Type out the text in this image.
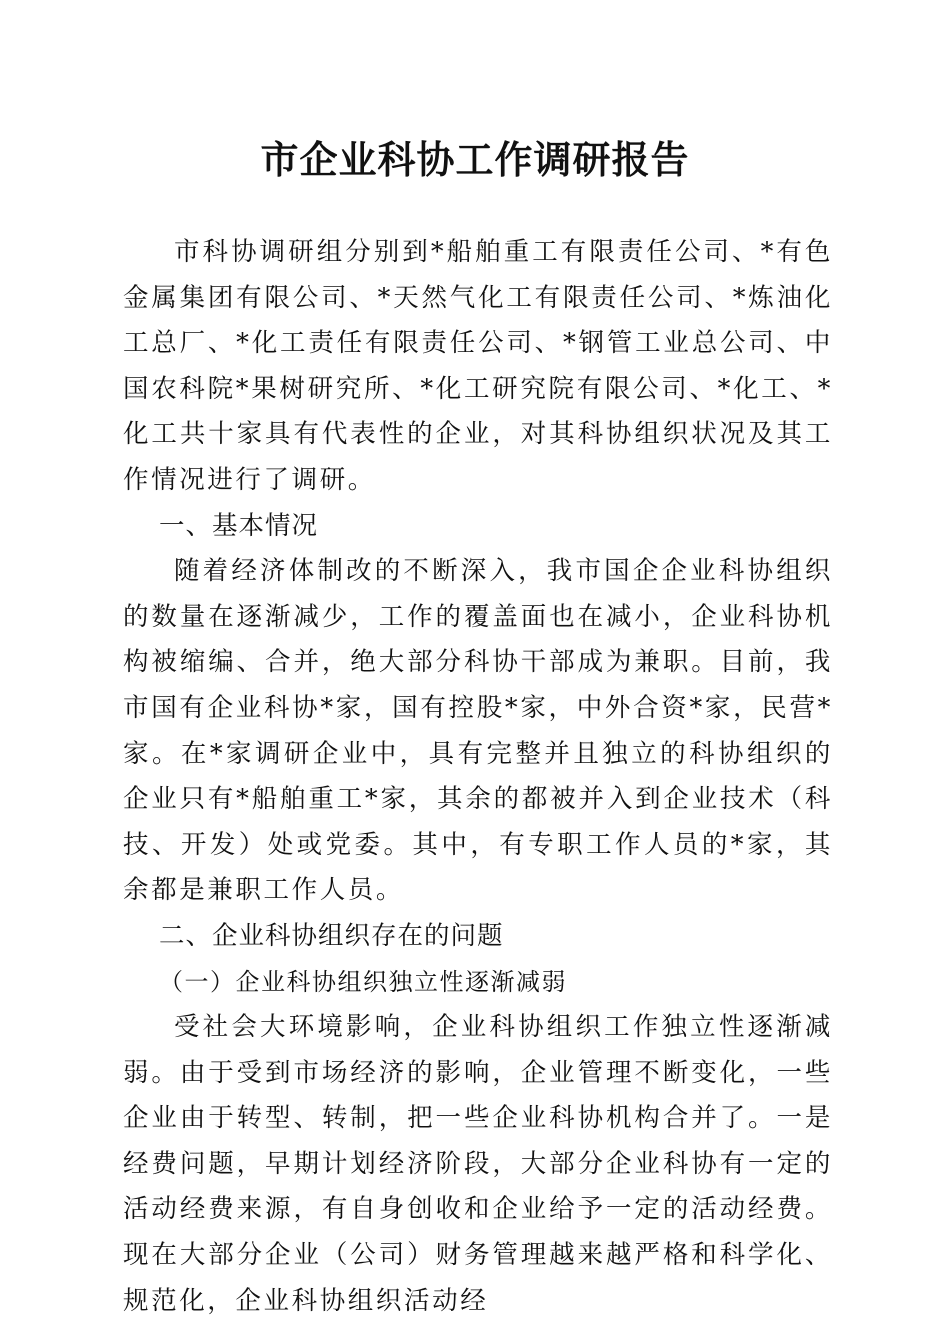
市企业科协工作调研报告

市科协调研组分别到*船舶重工有限责任公司、*有色金属集团有限公司、*天然气化工有限责任公司、*炼油化工总厂、*化工责任有限责任公司、*钢管工业总公司、中国农科院*果树研究所、*化工研究院有限公司、*化工、*化工共十家具有代表性的企业，对其科协组织状况及其工作情况进行了调研。

一、基本情况

随着经济体制改的不断深入，我市国企企业科协组织的数量在逐渐减少，工作的覆盖面也在减小，企业科协机构被缩编、合并，绝大部分科协干部成为兼职。目前，我市国有企业科协*家，国有控股*家，中外合资*家，民营*家。在*家调研企业中，具有完整并且独立的科协组织的企业只有*船舶重工*家，其余的都被并入到企业技术（科技、开发）处或党委。其中，有专职工作人员的*家，其余都是兼职工作人员。

二、企业科协组织存在的问题
（一）企业科协组织独立性逐渐减弱

受社会大环境影响，企业科协组织工作独立性逐渐减弱。由于受到市场经济的影响，企业管理不断变化，一些企业由于转型、转制，把一些企业科协机构合并了。一是经费问题，早期计划经济阶段，大部分企业科协有一定的活动经费来源，有自身创收和企业给予一定的活动经费。现在大部分企业（公司）财务管理越来越严格和科学化、规范化，企业科协组织活动经
